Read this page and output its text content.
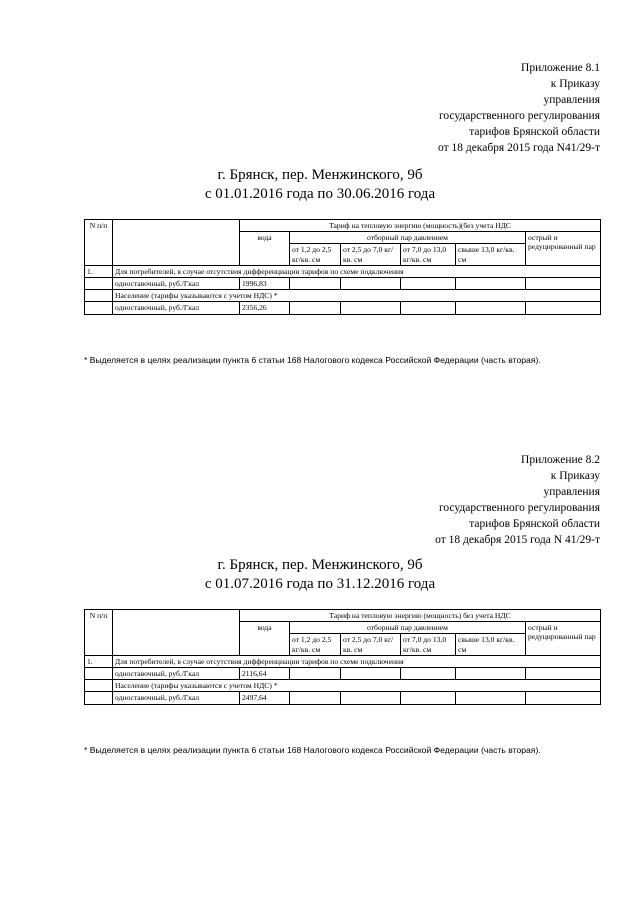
Приложение 8.1
к Приказу
управления
государственного регулирования
тарифов Брянской области
от 18 декабря 2015 года N41/29-т
г. Брянск, пер. Менжинского, 9б
с 01.01.2016 года по 30.06.2016 года
N п/п		Тариф на тепловую энергию (мощность)(без учета НДС					
		вода	отборный пар давлением				острый и редуцированный пар
			от 1,2 до 2,5 кг/кв. см	от 2,5 до 7,0 кг/кв. см	от 7,0 до 13,0 кг/кв. см	свыше 13,0 кг/кв. см	
1.	Для потребителей, в случае отсутствия дифференциации тарифов по схеме подключения						
	одноставочный, руб./Гкал	1996,83					
	Население (тарифы указываются с учетом НДС) *						
	одноставочный, руб./Гкал	2356,26					
* Выделяется в целях реализации пункта 6 статьи 168 Налогового кодекса Российской Федерации (часть вторая).
Приложение 8.2
к Приказу
управления
государственного регулирования
тарифов Брянской области
от 18 декабря 2015 года N 41/29-т
г. Брянск, пер. Менжинского, 9б
с 01.07.2016 года по 31.12.2016 года
N п/п		Тариф на тепловую энергию (мощность) без учета НДС					
		вода	отборный пар давлением				острый и редуцированный пар
			от 1,2 до 2,5 кг/кв. см	от 2,5 до 7,0 кг/кв. см	от 7,0 до 13,0 кг/кв. см	свыше 13,0 кг/кв. см	
1.	Для потребителей, в случае отсутствия дифференциации тарифов по схеме подключения						
	одноставочный, руб./Гкал	2116,64					
	Население (тарифы указываются с учетом НДС) *						
	одноставочный, руб./Гкал	2497,64					
* Выделяется в целях реализации пункта 6 статьи 168 Налогового кодекса Российской Федерации (часть вторая).
